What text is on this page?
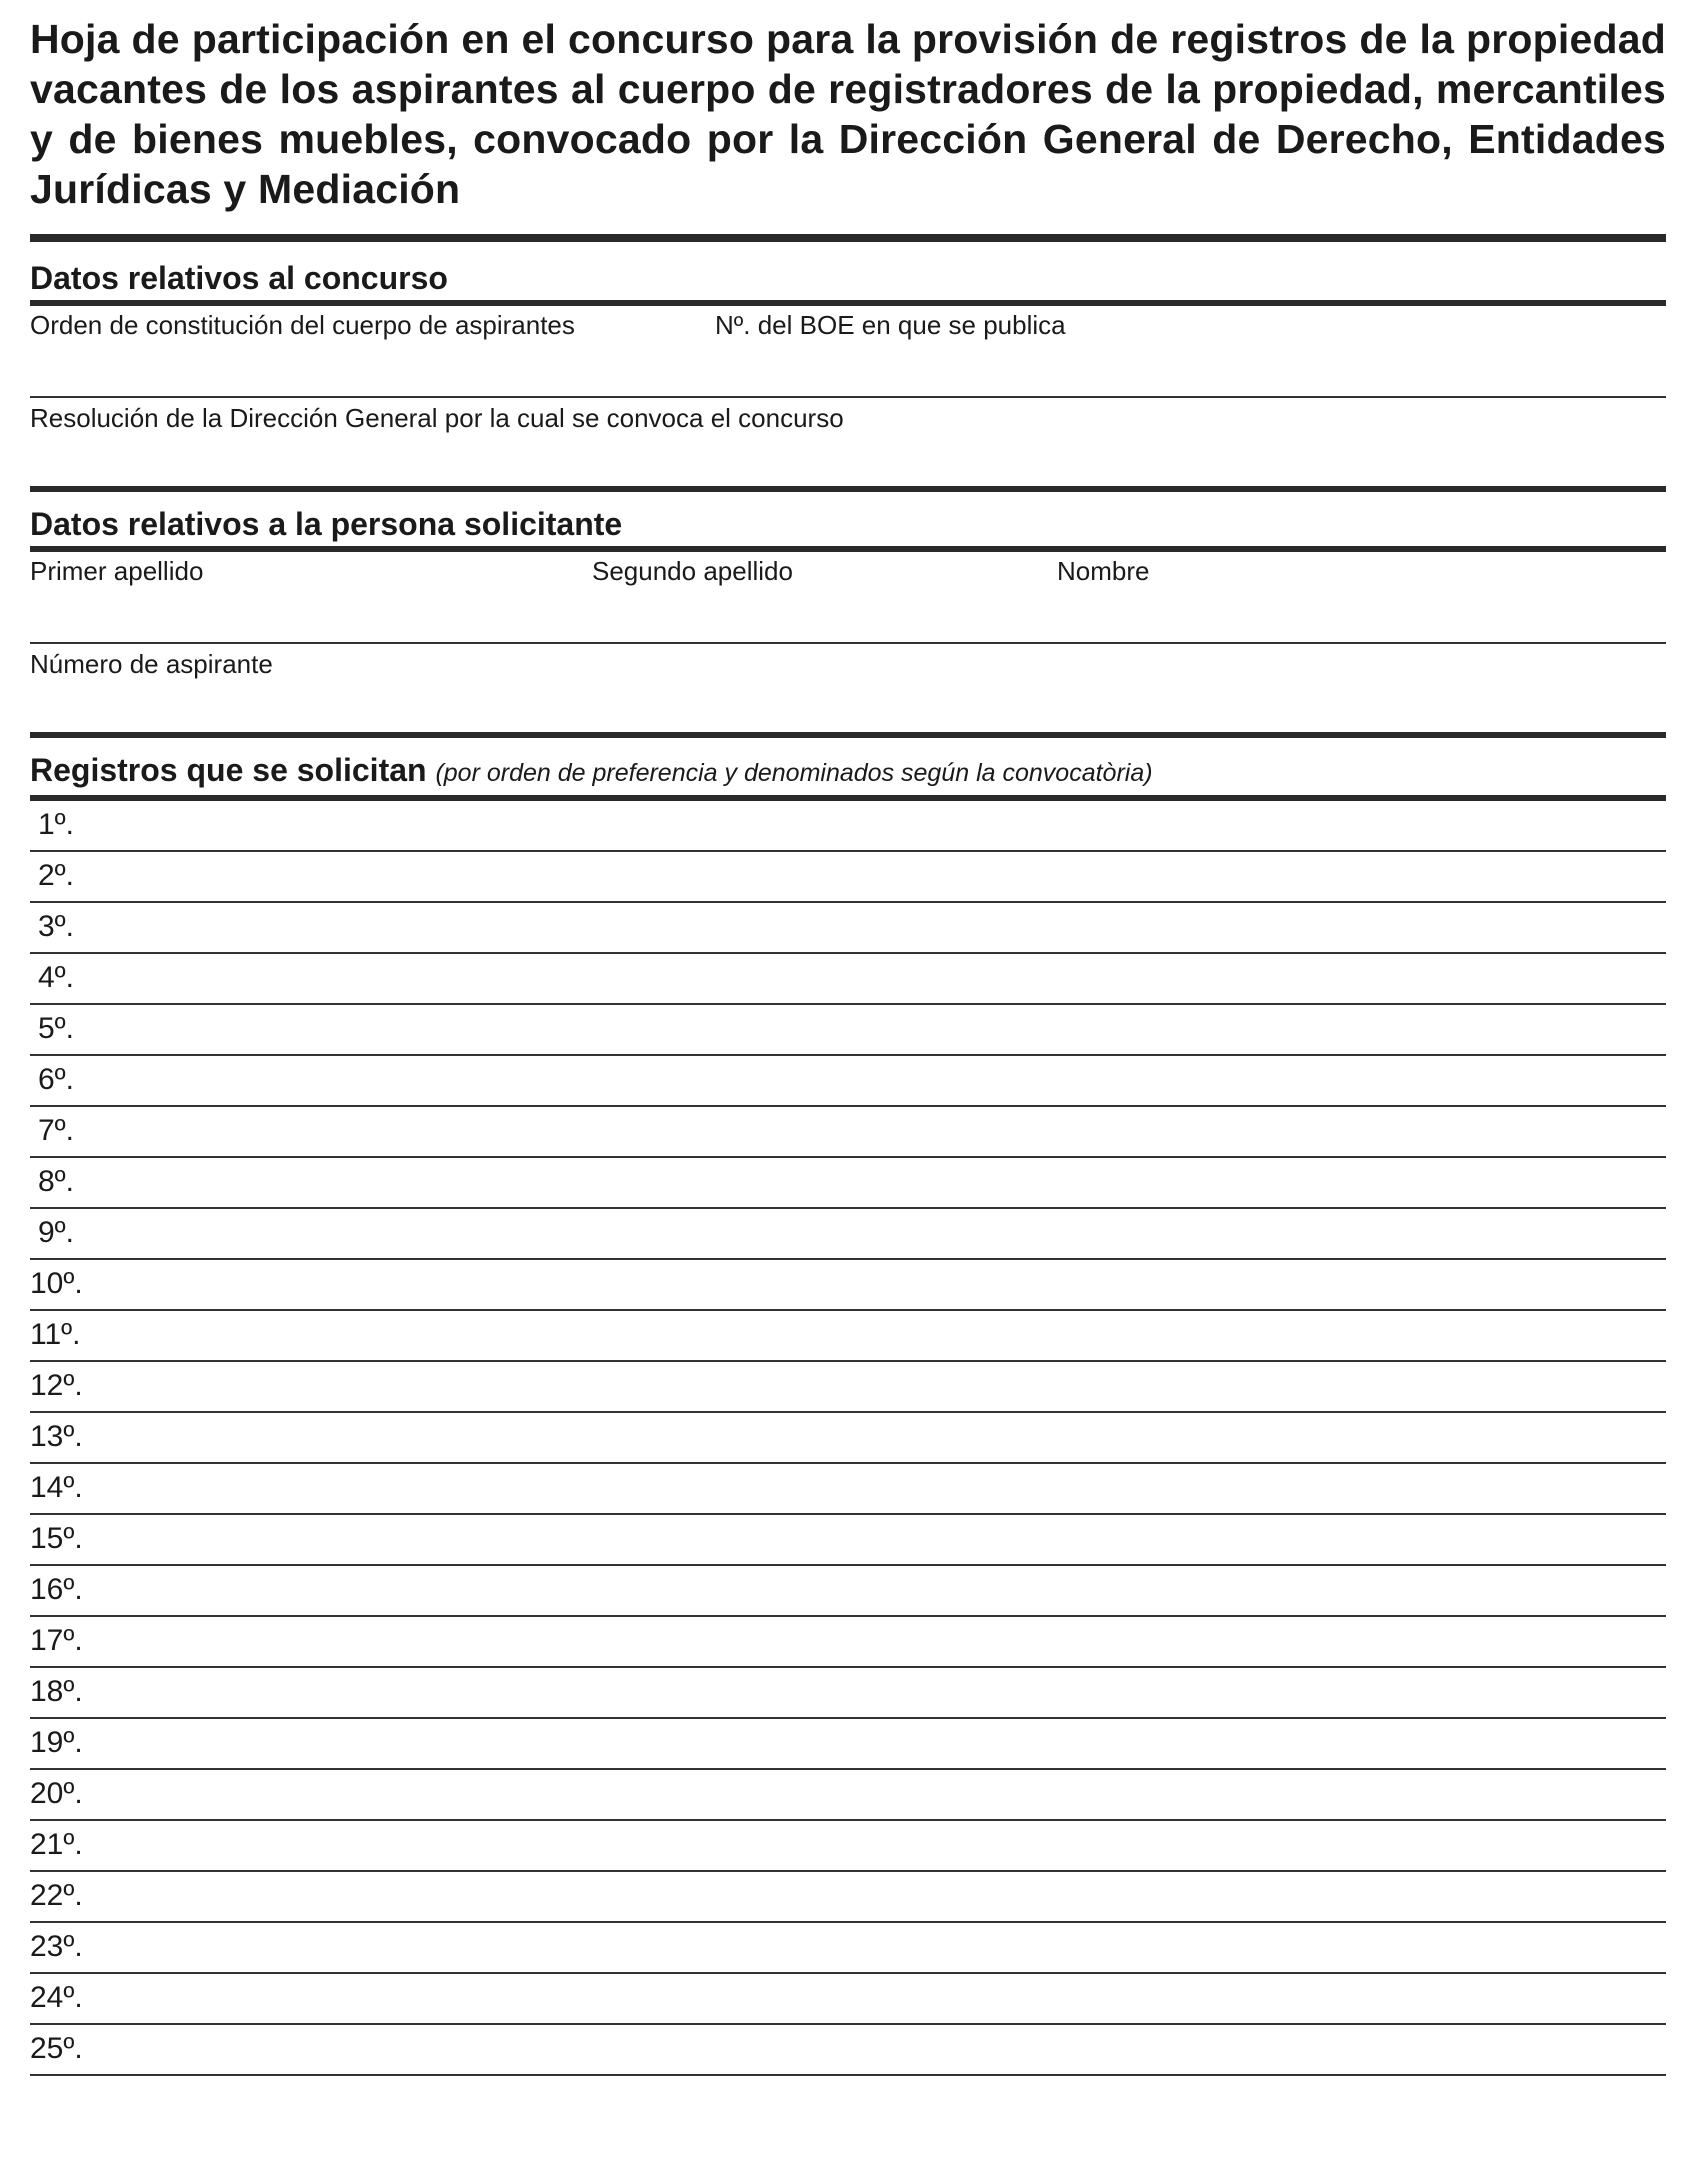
Hoja de participación en el concurso para la provisión de registros de la propiedad vacantes de los aspirantes al cuerpo de registradores de la propiedad, mercantiles y de bienes muebles, convocado por la Dirección General de Derecho, Entidades Jurídicas y Mediación

Datos relativos al concurso
Orden de constitución del cuerpo de aspirantes	Nº. del BOE en que se publica
Resolución de la Dirección General por la cual se convoca el concurso
Datos relativos a la persona solicitante
Primer apellido	Segundo apellido	Nombre
Número de aspirante
Registros que se solicitan (por orden de preferencia y denominados según la convocatòria)
1º.
2º.
3º.
4º.
5º.
6º.
7º.
8º.
9º.
10º.
11º.
12º.
13º.
14º.
15º.
16º.
17º.
18º.
19º.
20º.
21º.
22º.
23º.
24º.
25º.
